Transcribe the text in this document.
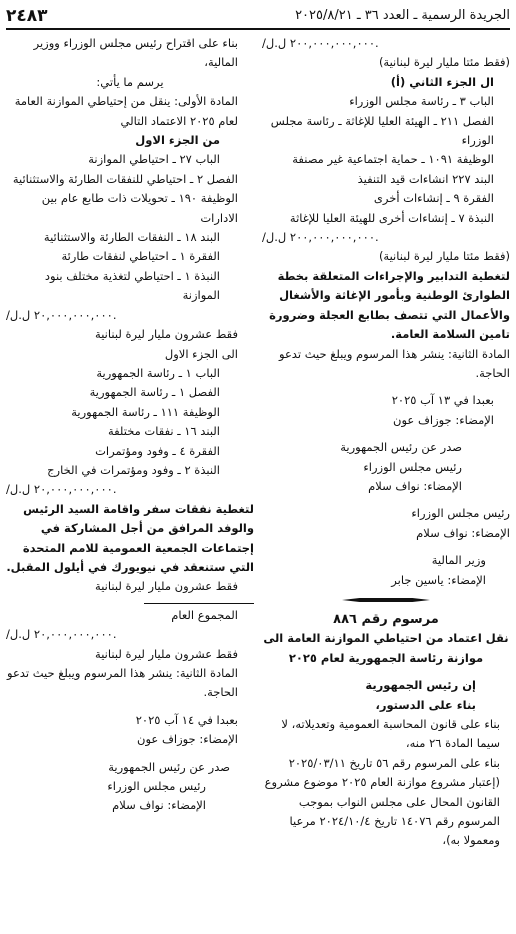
٢٤٨٣	الجريدة الرسمية ـ العدد ٣٦ ـ ٢٠٢٥/٨/٢١

/٢٠٠,٠٠٠,٠٠٠,٠٠٠ ل.ل.

(فقط مئتا مليار ليرة لبنانية)

ال الجزء الثاني (أ)

الباب ٣ ـ رئاسة مجلس الوزراء

الفصل ٢١١ ـ الهيئة العليا للإغاثة ـ رئاسة مجلس الوزراء

الوظيفة ١٠٩١ ـ حماية اجتماعية غير مصنفة

البند ٢٢٧ انشاءات قيد التنفيذ

الفقرة ٩ ـ إنشاءات أخرى

النبذة ٧ ـ إنشاءات أخرى للهيئة العليا للإغاثة

/٢٠٠,٠٠٠,٠٠٠,٠٠٠ ل.ل.

(فقط مئتا مليار ليرة لبنانية)

لتغطية التدابير والإجراءات المتعلقة بخطة الطوارئ الوطنية وبأمور الإغاثة والأشغال والأعمال التي تتصف بطابع العجلة وضرورة تامين السلامة العامة.

المادة الثانية: ينشر هذا المرسوم ويبلغ حيث تدعو الحاجة.

بعبدا في ١٣ آب ٢٠٢٥

الإمضاء: جوزاف عون

صدر عن رئيس الجمهورية

رئيس مجلس الوزراء

الإمضاء: نواف سلام

رئيس مجلس الوزراء

الإمضاء: نواف سلام

وزير المالية

الإمضاء: ياسين جابر

مرسوم رقم ٨٨٦

نقل اعتماد من احتياطي الموازنة العامة الى موازنة رئاسة الجمهورية لعام ٢٠٢٥

إن رئيس الجمهورية

بناء على الدستور،

بناء على قانون المحاسبة العمومية وتعديلاته، لا سيما المادة ٢٦ منه،

بناء على المرسوم رقم ٥٦ تاريخ ٢٠٢٥/٠٣/١١ (إعتبار مشروع موازنة العام ٢٠٢٥ موضوع مشروع القانون المحال على مجلس النواب بموجب المرسوم رقم ١٤٠٧٦ تاريخ ٢٠٢٤/١٠/٤ مرعيا ومعمولا به)،

بناء على اقتراح رئيس مجلس الوزراء ووزير المالية،

يرسم ما يأتي:

المادة الأولى: ينقل من إحتياطي الموازنة العامة لعام ٢٠٢٥ الاعتماد التالي

من الجزء الاول

الباب ٢٧ ـ احتياطي الموازنة

الفصل ٢ ـ احتياطي للنفقات الطارئة والاستثنائية

الوظيفة ١٩٠ ـ تحويلات ذات طابع عام بين الادارات

البند ١٨ ـ النفقات الطارئة والاستثنائية

الفقرة ١ ـ احتياطي لنفقات طارئة

النبذة ١ ـ احتياطي لتغذية مختلف بنود الموازنة

/٢٠,٠٠٠,٠٠٠,٠٠٠ ل.ل.

فقط عشرون مليار ليرة لبنانية

الى الجزء الاول

الباب ١ ـ رئاسة الجمهورية

الفصل ١ ـ رئاسة الجمهورية

الوظيفة ١١١ ـ رئاسة الجمهورية

البند ١٦ ـ نفقات مختلفة

الفقرة ٤ ـ وفود ومؤتمرات

النبذة ٢ ـ وفود ومؤتمرات في الخارج

/٢٠,٠٠٠,٠٠٠,٠٠٠ ل.ل.

لتغطية نفقات سفر واقامة السيد الرئيس والوفد المرافق من أجل المشاركة في إجتماعات الجمعية العمومية للامم المتحدة التي ستنعقد في نيويورك في أيلول المقبل.

فقط عشرون مليار ليرة لبنانية

المجموع العام

/٢٠,٠٠٠,٠٠٠,٠٠٠ ل.ل.

فقط عشرون مليار ليرة لبنانية

المادة الثانية: ينشر هذا المرسوم ويبلغ حيث تدعو الحاجة.

بعبدا في ١٤ آب ٢٠٢٥

الإمضاء: جوزاف عون

صدر عن رئيس الجمهورية

رئيس مجلس الوزراء

الإمضاء: نواف سلام
